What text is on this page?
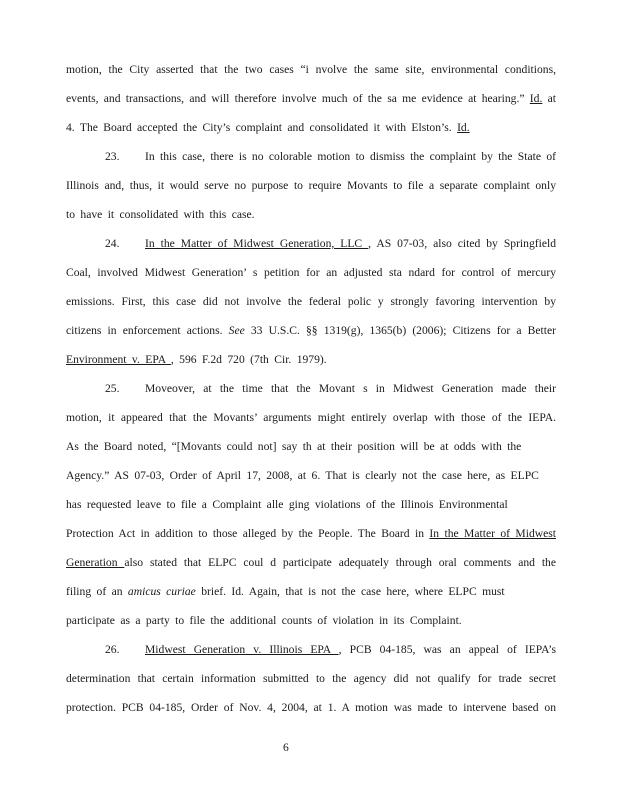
motion, the City asserted that the two cases “i nvolve the same site, environmental conditions,
events, and transactions, and will therefore involve much of the sa me evidence at hearing.” Id. at
4. The Board accepted the City’s complaint and consolidated it with Elston’s. Id.
23. In this case, there is no colorable motion to dismiss the complaint by the State of
Illinois and, thus, it would serve no purpose to require Movants to file a separate complaint only
to have it consolidated with this case.
24. In the Matter of Midwest Generation, LLC , AS 07-03, also cited by Springfield
Coal, involved Midwest Generation’ s petition for an adjusted sta ndard for control of mercury
emissions. First, this case did not involve the federal polic y strongly favoring intervention by
citizens in enforcement actions. See 33 U.S.C. §§ 1319(g), 1365(b) (2006); Citizens for a Better
Environment v. EPA , 596 F.2d 720 (7th Cir. 1979).
25. Moveover, at the time that the Movant s in Midwest Generation made their
motion, it appeared that the Movants’ arguments might entirely overlap with those of the IEPA.
As the Board noted, “[Movants could not] say th at their position will be at odds with the
Agency.” AS 07-03, Order of April 17, 2008, at 6. That is clearly not the case here, as ELPC
has requested leave to file a Complaint alle ging violations of the Illinois Environmental
Protection Act in addition to those alleged by the People. The Board in In the Matter of Midwest
Generation also stated that ELPC coul d participate adequately through oral comments and the
filing of an amicus curiae brief. Id. Again, that is not the case here, where ELPC must
participate as a party to file the additional counts of violation in its Complaint.
26. Midwest Generation v. Illinois EPA , PCB 04-185, was an appeal of IEPA’s
determination that certain information submitted to the agency did not qualify for trade secret
protection. PCB 04-185, Order of Nov. 4, 2004, at 1. A motion was made to intervene based on
6
